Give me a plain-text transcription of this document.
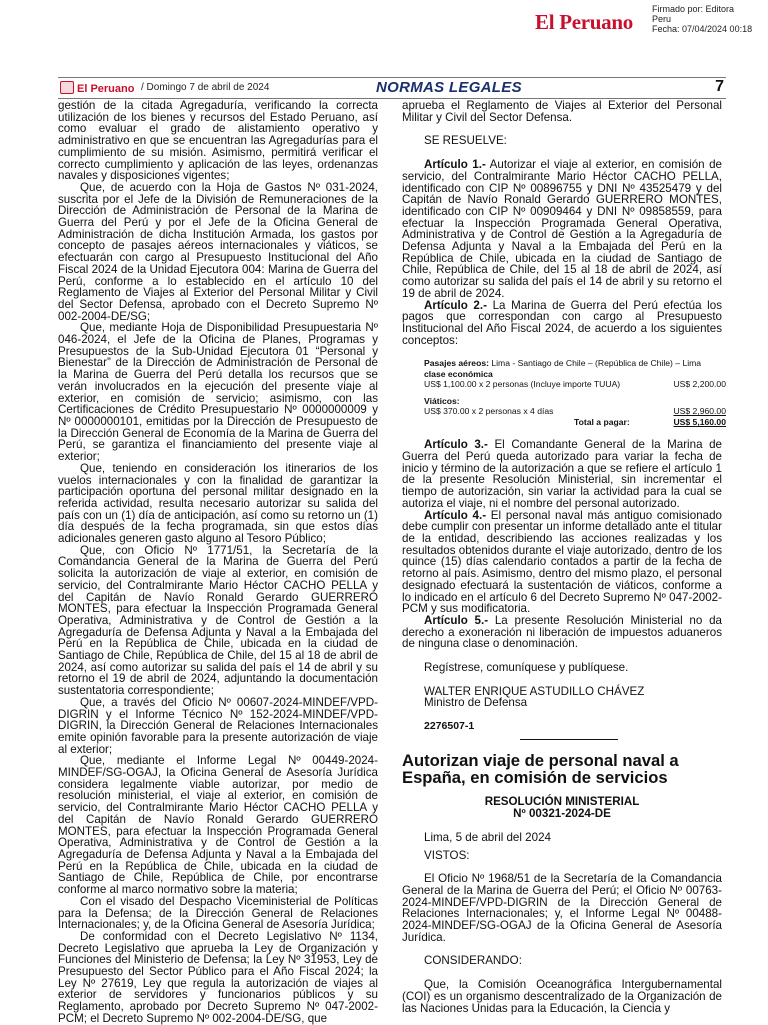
El Peruano
Firmado por: Editora
Peru
Fecha: 07/04/2024 00:18
El Peruano / Domingo 7 de abril de 2024	NORMAS LEGALES	7

gestión de la citada Agregaduría, verificando la correcta utilización de los bienes y recursos del Estado Peruano, así como evaluar el grado de alistamiento operativo y administrativo en que se encuentran las Agregadurías para el cumplimiento de su misión. Asimismo, permitirá verificar el correcto cumplimiento y aplicación de las leyes, ordenanzas navales y disposiciones vigentes;

Que, de acuerdo con la Hoja de Gastos Nº 031-2024, suscrita por el Jefe de la División de Remuneraciones de la Dirección de Administración de Personal de la Marina de Guerra del Perú y por el Jefe de la Oficina General de Administración de dicha Institución Armada, los gastos por concepto de pasajes aéreos internacionales y viáticos, se efectuarán con cargo al Presupuesto Institucional del Año Fiscal 2024 de la Unidad Ejecutora 004: Marina de Guerra del Perú, conforme a lo establecido en el artículo 10 del Reglamento de Viajes al Exterior del Personal Militar y Civil del Sector Defensa, aprobado con el Decreto Supremo Nº 002-2004-DE/SG;

Que, mediante Hoja de Disponibilidad Presupuestaria Nº 046-2024, el Jefe de la Oficina de Planes, Programas y Presupuestos de la Sub-Unidad Ejecutora 01 “Personal y Bienestar” de la Dirección de Administración de Personal de la Marina de Guerra del Perú detalla los recursos que se verán involucrados en la ejecución del presente viaje al exterior, en comisión de servicio; asimismo, con las Certificaciones de Crédito Presupuestario Nº 0000000009 y Nº 0000000101, emitidas por la Dirección de Presupuesto de la Dirección General de Economía de la Marina de Guerra del Perú, se garantiza el financiamiento del presente viaje al exterior;

Que, teniendo en consideración los itinerarios de los vuelos internacionales y con la finalidad de garantizar la participación oportuna del personal militar designado en la referida actividad, resulta necesario autorizar su salida del país con un (1) día de anticipación, así como su retorno un (1) día después de la fecha programada, sin que estos días adicionales generen gasto alguno al Tesoro Público;

Que, con Oficio Nº 1771/51, la Secretaría de la Comandancia General de la Marina de Guerra del Perú solicita la autorización de viaje al exterior, en comisión de servicio, del Contralmirante Mario Héctor CACHO PELLA y del Capitán de Navío Ronald Gerardo GUERRERO MONTES, para efectuar la Inspección Programada General Operativa, Administrativa y de Control de Gestión a la Agregaduría de Defensa Adjunta y Naval a la Embajada del Perú en la República de Chile, ubicada en la ciudad de Santiago de Chile, República de Chile, del 15 al 18 de abril de 2024, así como autorizar su salida del país el 14 de abril y su retorno el 19 de abril de 2024, adjuntando la documentación sustentatoria correspondiente;

Que, a través del Oficio Nº 00607-2024-MINDEF/VPD-DIGRIN y el Informe Técnico Nº 152-2024-MINDEF/VPD-DIGRIN, la Dirección General de Relaciones Internacionales emite opinión favorable para la presente autorización de viaje al exterior;

Que, mediante el Informe Legal Nº 00449-2024-MINDEF/SG-OGAJ, la Oficina General de Asesoría Jurídica considera legalmente viable autorizar, por medio de resolución ministerial, el viaje al exterior, en comisión de servicio, del Contralmirante Mario Héctor CACHO PELLA y del Capitán de Navío Ronald Gerardo GUERRERO MONTES, para efectuar la Inspección Programada General Operativa, Administrativa y de Control de Gestión a la Agregaduría de Defensa Adjunta y Naval a la Embajada del Perú en la República de Chile, ubicada en la ciudad de Santiago de Chile, República de Chile, por encontrarse conforme al marco normativo sobre la materia;

Con el visado del Despacho Viceministerial de Políticas para la Defensa; de la Dirección General de Relaciones Internacionales; y, de la Oficina General de Asesoría Jurídica;

De conformidad con el Decreto Legislativo Nº 1134, Decreto Legislativo que aprueba la Ley de Organización y Funciones del Ministerio de Defensa; la Ley Nº 31953, Ley de Presupuesto del Sector Público para el Año Fiscal 2024; la Ley Nº 27619, Ley que regula la autorización de viajes al exterior de servidores y funcionarios públicos y su Reglamento, aprobado por Decreto Supremo Nº 047-2002-PCM; el Decreto Supremo Nº 002-2004-DE/SG, que

aprueba el Reglamento de Viajes al Exterior del Personal Militar y Civil del Sector Defensa.

SE RESUELVE:

Artículo 1.- Autorizar el viaje al exterior, en comisión de servicio, del Contralmirante Mario Héctor CACHO PELLA, identificado con CIP Nº 00896755 y DNI Nº 43525479 y del Capitán de Navío Ronald Gerardo GUERRERO MONTES, identificado con CIP Nº 00909464 y DNI Nº 09858559, para efectuar la Inspección Programada General Operativa, Administrativa y de Control de Gestión a la Agregaduría de Defensa Adjunta y Naval a la Embajada del Perú en la República de Chile, ubicada en la ciudad de Santiago de Chile, República de Chile, del 15 al 18 de abril de 2024, así como autorizar su salida del país el 14 de abril y su retorno el 19 de abril de 2024.

Artículo 2.- La Marina de Guerra del Perú efectúa los pagos que correspondan con cargo al Presupuesto Institucional del Año Fiscal 2024, de acuerdo a los siguientes conceptos:

Pasajes aéreos: Lima - Santiago de Chile – (República de Chile) – Lima
clase económica
US$ 1,100.00 x 2 personas (Incluye importe TUUA)	US$ 2,200.00
Viáticos:
US$ 370.00 x 2 personas x 4 días	US$ 2,960.00
Total a pagar:	US$ 5,160.00

Artículo 3.- El Comandante General de la Marina de Guerra del Perú queda autorizado para variar la fecha de inicio y término de la autorización a que se refiere el artículo 1 de la presente Resolución Ministerial, sin incrementar el tiempo de autorización, sin variar la actividad para la cual se autoriza el viaje, ni el nombre del personal autorizado.

Artículo 4.- El personal naval más antiguo comisionado debe cumplir con presentar un informe detallado ante el titular de la entidad, describiendo las acciones realizadas y los resultados obtenidos durante el viaje autorizado, dentro de los quince (15) días calendario contados a partir de la fecha de retorno al país. Asimismo, dentro del mismo plazo, el personal designado efectuará la sustentación de viáticos, conforme a lo indicado en el artículo 6 del Decreto Supremo Nº 047-2002-PCM y sus modificatoria.

Artículo 5.- La presente Resolución Ministerial no da derecho a exoneración ni liberación de impuestos aduaneros de ninguna clase o denominación.

Regístrese, comuníquese y publíquese.

WALTER ENRIQUE ASTUDILLO CHÁVEZ

Ministro de Defensa

2276507-1
Autorizan viaje de personal naval a España, en comisión de servicios
RESOLUCIÓN MINISTERIAL
Nº 00321-2024-DE

Lima, 5 de abril del 2024

VISTOS:

El Oficio Nº 1968/51 de la Secretaría de la Comandancia General de la Marina de Guerra del Perú; el Oficio Nº 00763-2024-MINDEF/VPD-DIGRIN de la Dirección General de Relaciones Internacionales; y, el Informe Legal Nº 00488-2024-MINDEF/SG-OGAJ de la Oficina General de Asesoría Jurídica.

CONSIDERANDO:

Que, la Comisión Oceanográfica Intergubernamental (COI) es un organismo descentralizado de la Organización de las Naciones Unidas para la Educación, la Ciencia y
